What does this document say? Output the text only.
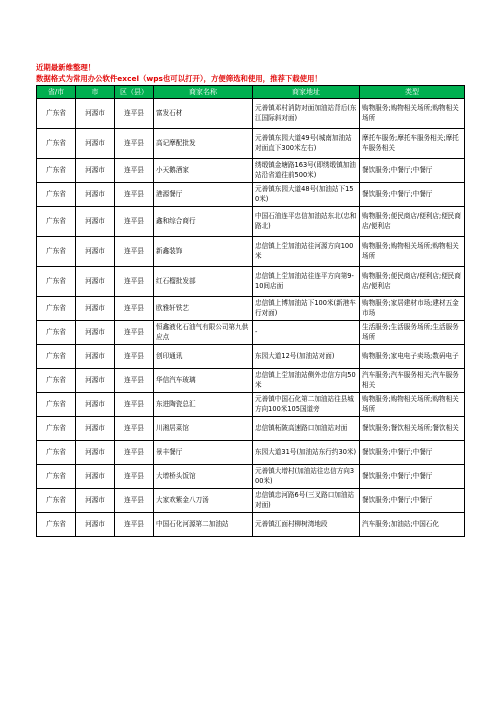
近期最新维整理！
数据格式为常用办公软件excel（wps也可以打开），方便筛选和使用，推荐下载使用！
省/市	市	区（县）	商家名称	商家地址	类型
广东省	河源市	连平县	富发石材	元善镇邓村消防对面加油站背后(东江国际斜对面)	购物服务;购物相关场所;购物相关场所
广东省	河源市	连平县	高记摩配批发	元善镇东园大道49号(城南加油站对面直下300米左右)	摩托车服务;摩托车服务相关;摩托车服务相关
广东省	河源市	连平县	小天鹅酒家	绣缎镇金塘路163号(即绣缎镇加油站沿省道往前500米)	餐饮服务;中餐厅;中餐厅
广东省	河源市	连平县	港源餐厅	元善镇东园大道48号(加油站下150米)	餐饮服务;中餐厅;中餐厅
广东省	河源市	连平县	鑫和综合商行	中国石油连平忠信加油站东北(忠和路北)	购物服务;便民商店/便利店;便民商店/便利店
广东省	河源市	连平县	新鑫装饰	忠信镇上坣加油站往河源方向100米	购物服务;购物相关场所;购物相关场所
广东省	河源市	连平县	红石榴批发部	忠信镇上坣加油站往连平方向第9-10间店面	购物服务;便民商店/便利店;便民商店/便利店
广东省	河源市	连平县	欧雅轩铁艺	忠信镇上博加油站下100米(新港车行对面)	购物服务;家居建材市场;建材五金市场
广东省	河源市	连平县	恒鑫液化石油气有限公司第九供应点	-	生活服务;生活服务场所;生活服务场所
广东省	河源市	连平县	创印通讯	东园大道12号(加油站对面)	购物服务;家电电子卖场;数码电子
广东省	河源市	连平县	华信汽车玻璃	忠信镇上坣加油站侧外忠信方向50米	汽车服务;汽车服务相关;汽车服务相关
广东省	河源市	连平县	东进陶瓷总汇	元善镇中国石化第二加油站往县城方向100米105国道旁	购物服务;购物相关场所;购物相关场所
广东省	河源市	连平县	川湘居菜馆	忠信镇柘陂高速路口加油站对面	餐饮服务;餐饮相关场所;餐饮相关
广东省	河源市	连平县	景丰餐厅	东园大道31号(加油站东行约30米)	餐饮服务;中餐厅;中餐厅
广东省	河源市	连平县	大增桥头饭馆	元善镇大增村(加油站往忠信方向300米)	餐饮服务;中餐厅;中餐厅
广东省	河源市	连平县	大家欢紫金八刀汤	忠信镇忠河路6号(三叉路口加油站对面)	餐饮服务;中餐厅;中餐厅
广东省	河源市	连平县	中国石化河源第二加油站	元善镇江面村柳树湾地段	汽车服务;加油站;中国石化
